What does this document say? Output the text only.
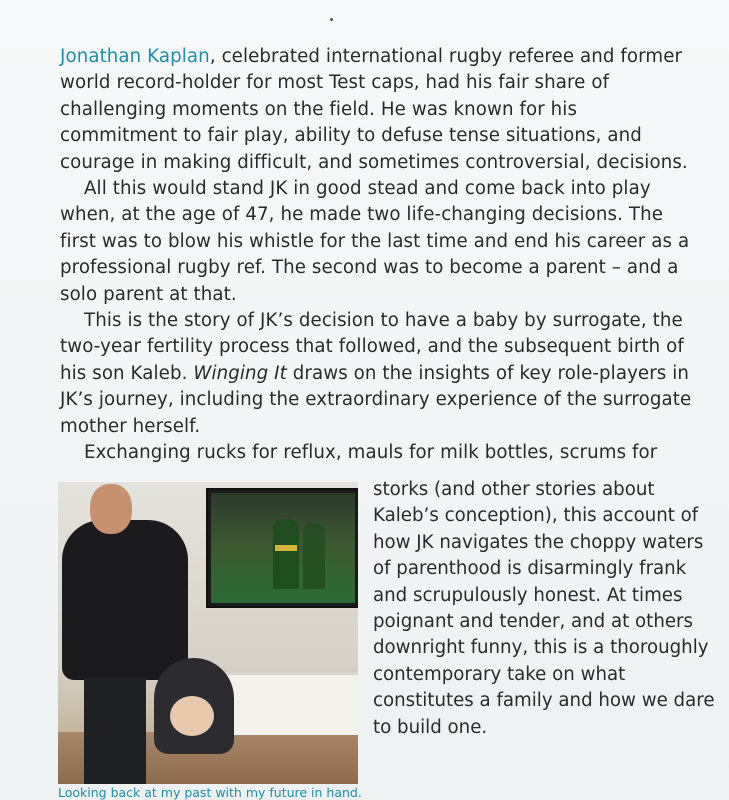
Jonathan Kaplan, celebrated international rugby referee and former world record-holder for most Test caps, had his fair share of challenging moments on the field. He was known for his commitment to fair play, ability to defuse tense situations, and courage in making difficult, and sometimes controversial, decisions.

All this would stand JK in good stead and come back into play when, at the age of 47, he made two life-changing decisions. The first was to blow his whistle for the last time and end his career as a professional rugby ref. The second was to become a parent – and a solo parent at that.

This is the story of JK’s decision to have a baby by surrogate, the two-year fertility process that followed, and the subsequent birth of his son Kaleb. Winging It draws on the insights of key role-players in JK’s journey, including the extraordinary experience of the surrogate mother herself.

Exchanging rucks for reflux, mauls for milk bottles, scrums for

storks (and other stories about Kaleb’s conception), this account of how JK navigates the choppy waters of parenthood is disarmingly frank and scrupulously honest. At times poignant and tender, and at others downright funny, this is a thoroughly contemporary take on what constitutes a family and how we dare to build one.

Looking back at my past with my future in hand.
